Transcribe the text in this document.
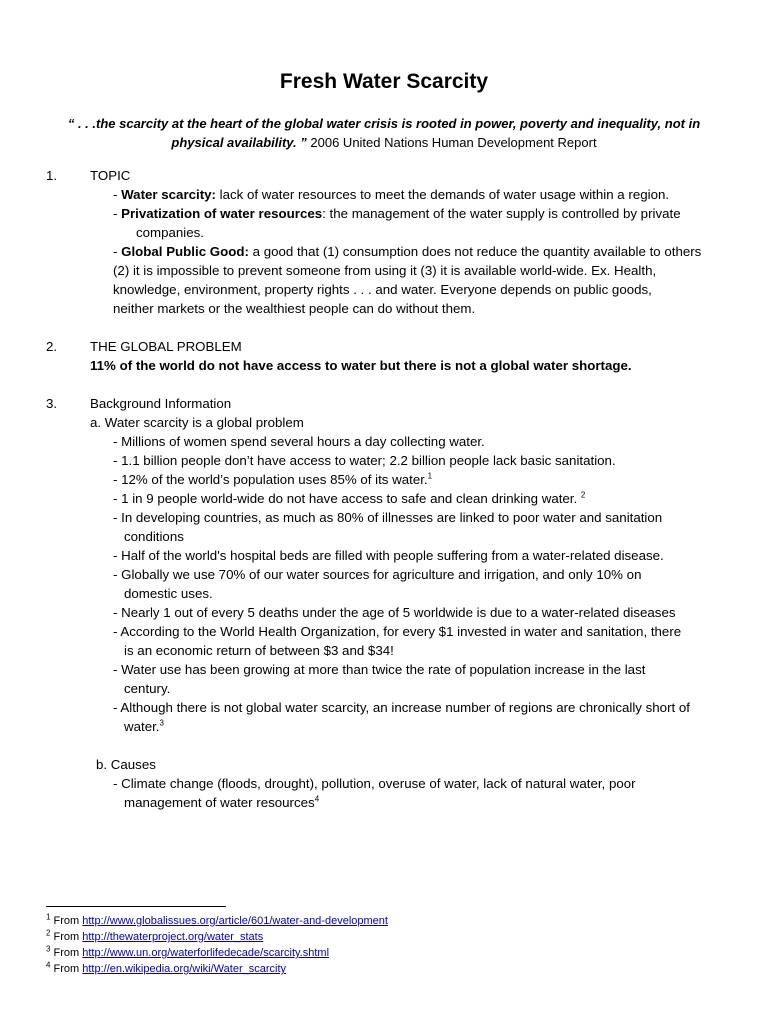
Fresh Water Scarcity
“ . . .the scarcity at the heart of the global water crisis is rooted in power, poverty and inequality, not in physical availability. ” 2006 United Nations Human Development Report
1. TOPIC
- Water scarcity: lack of water resources to meet the demands of water usage within a region.
- Privatization of water resources: the management of the water supply is controlled by private
companies.
- Global Public Good: a good that (1) consumption does not reduce the quantity available to others
(2) it is impossible to prevent someone from using it (3) it is available world-wide. Ex. Health,
knowledge, environment, property rights . . . and water. Everyone depends on public goods,
neither markets or the wealthiest people can do without them.
2. THE GLOBAL PROBLEM
11% of the world do not have access to water but there is not a global water shortage.
3. Background Information
a. Water scarcity is a global problem
- Millions of women spend several hours a day collecting water.
- 1.1 billion people don’t have access to water; 2.2 billion people lack basic sanitation.
- 12% of the world’s population uses 85% of its water.$^1$
- 1 in 9 people world-wide do not have access to safe and clean drinking water. $^2$
- In developing countries, as much as 80% of illnesses are linked to poor water and sanitation
conditions
- Half of the world's hospital beds are filled with people suffering from a water-related disease.
- Globally we use 70% of our water sources for agriculture and irrigation, and only 10% on
domestic uses.
- Nearly 1 out of every 5 deaths under the age of 5 worldwide is due to a water-related diseases
- According to the World Health Organization, for every $1 invested in water and sanitation, there
is an economic return of between $3 and $34!
- Water use has been growing at more than twice the rate of population increase in the last
century.
- Although there is not global water scarcity, an increase number of regions are chronically short of
water.$^3$
b. Causes
- Climate change (floods, drought), pollution, overuse of water, lack of natural water, poor
management of water resources$^4$
$^1$ From http://www.globalissues.org/article/601/water-and-development
$^2$ From http://thewaterproject.org/water_stats
$^3$ From http://www.un.org/waterforlifedecade/scarcity.shtml
$^4$ From http://en.wikipedia.org/wiki/Water_scarcity
